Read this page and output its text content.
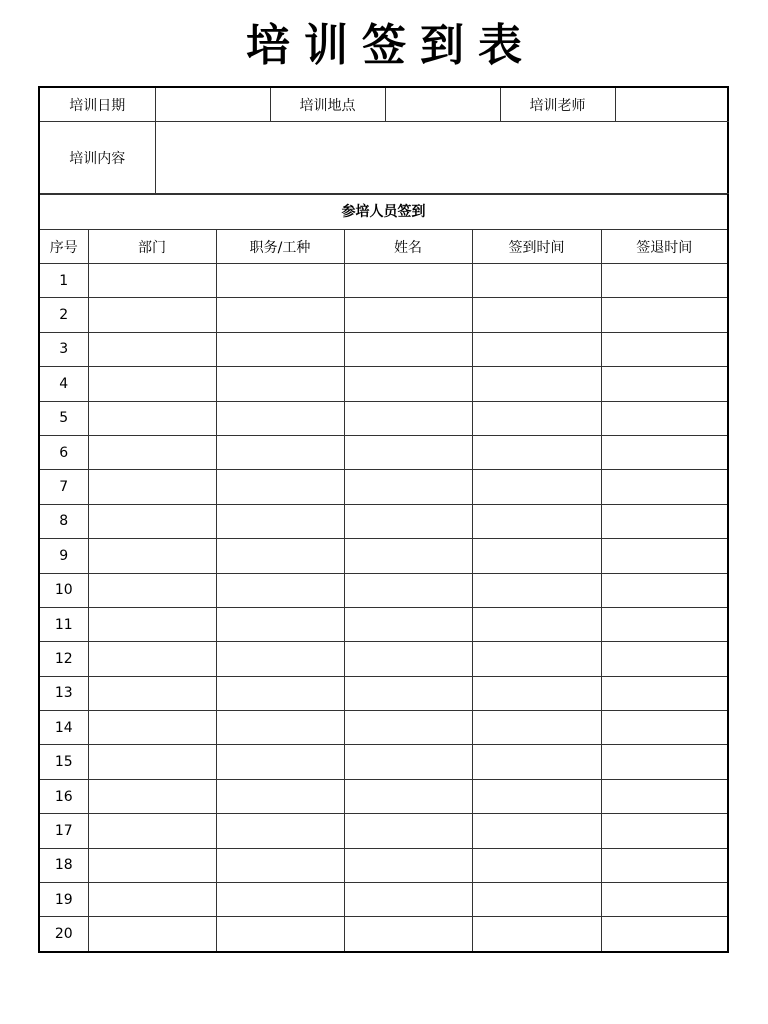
培训签到表
培训日期		培训地点		培训老师	
培训内容					
参培人员签到
序号	部门	职务/工种	姓名	签到时间	签退时间
1					
2					
3					
4					
5					
6					
7					
8					
9					
10					
11					
12					
13					
14					
15					
16					
17					
18					
19					
20					
